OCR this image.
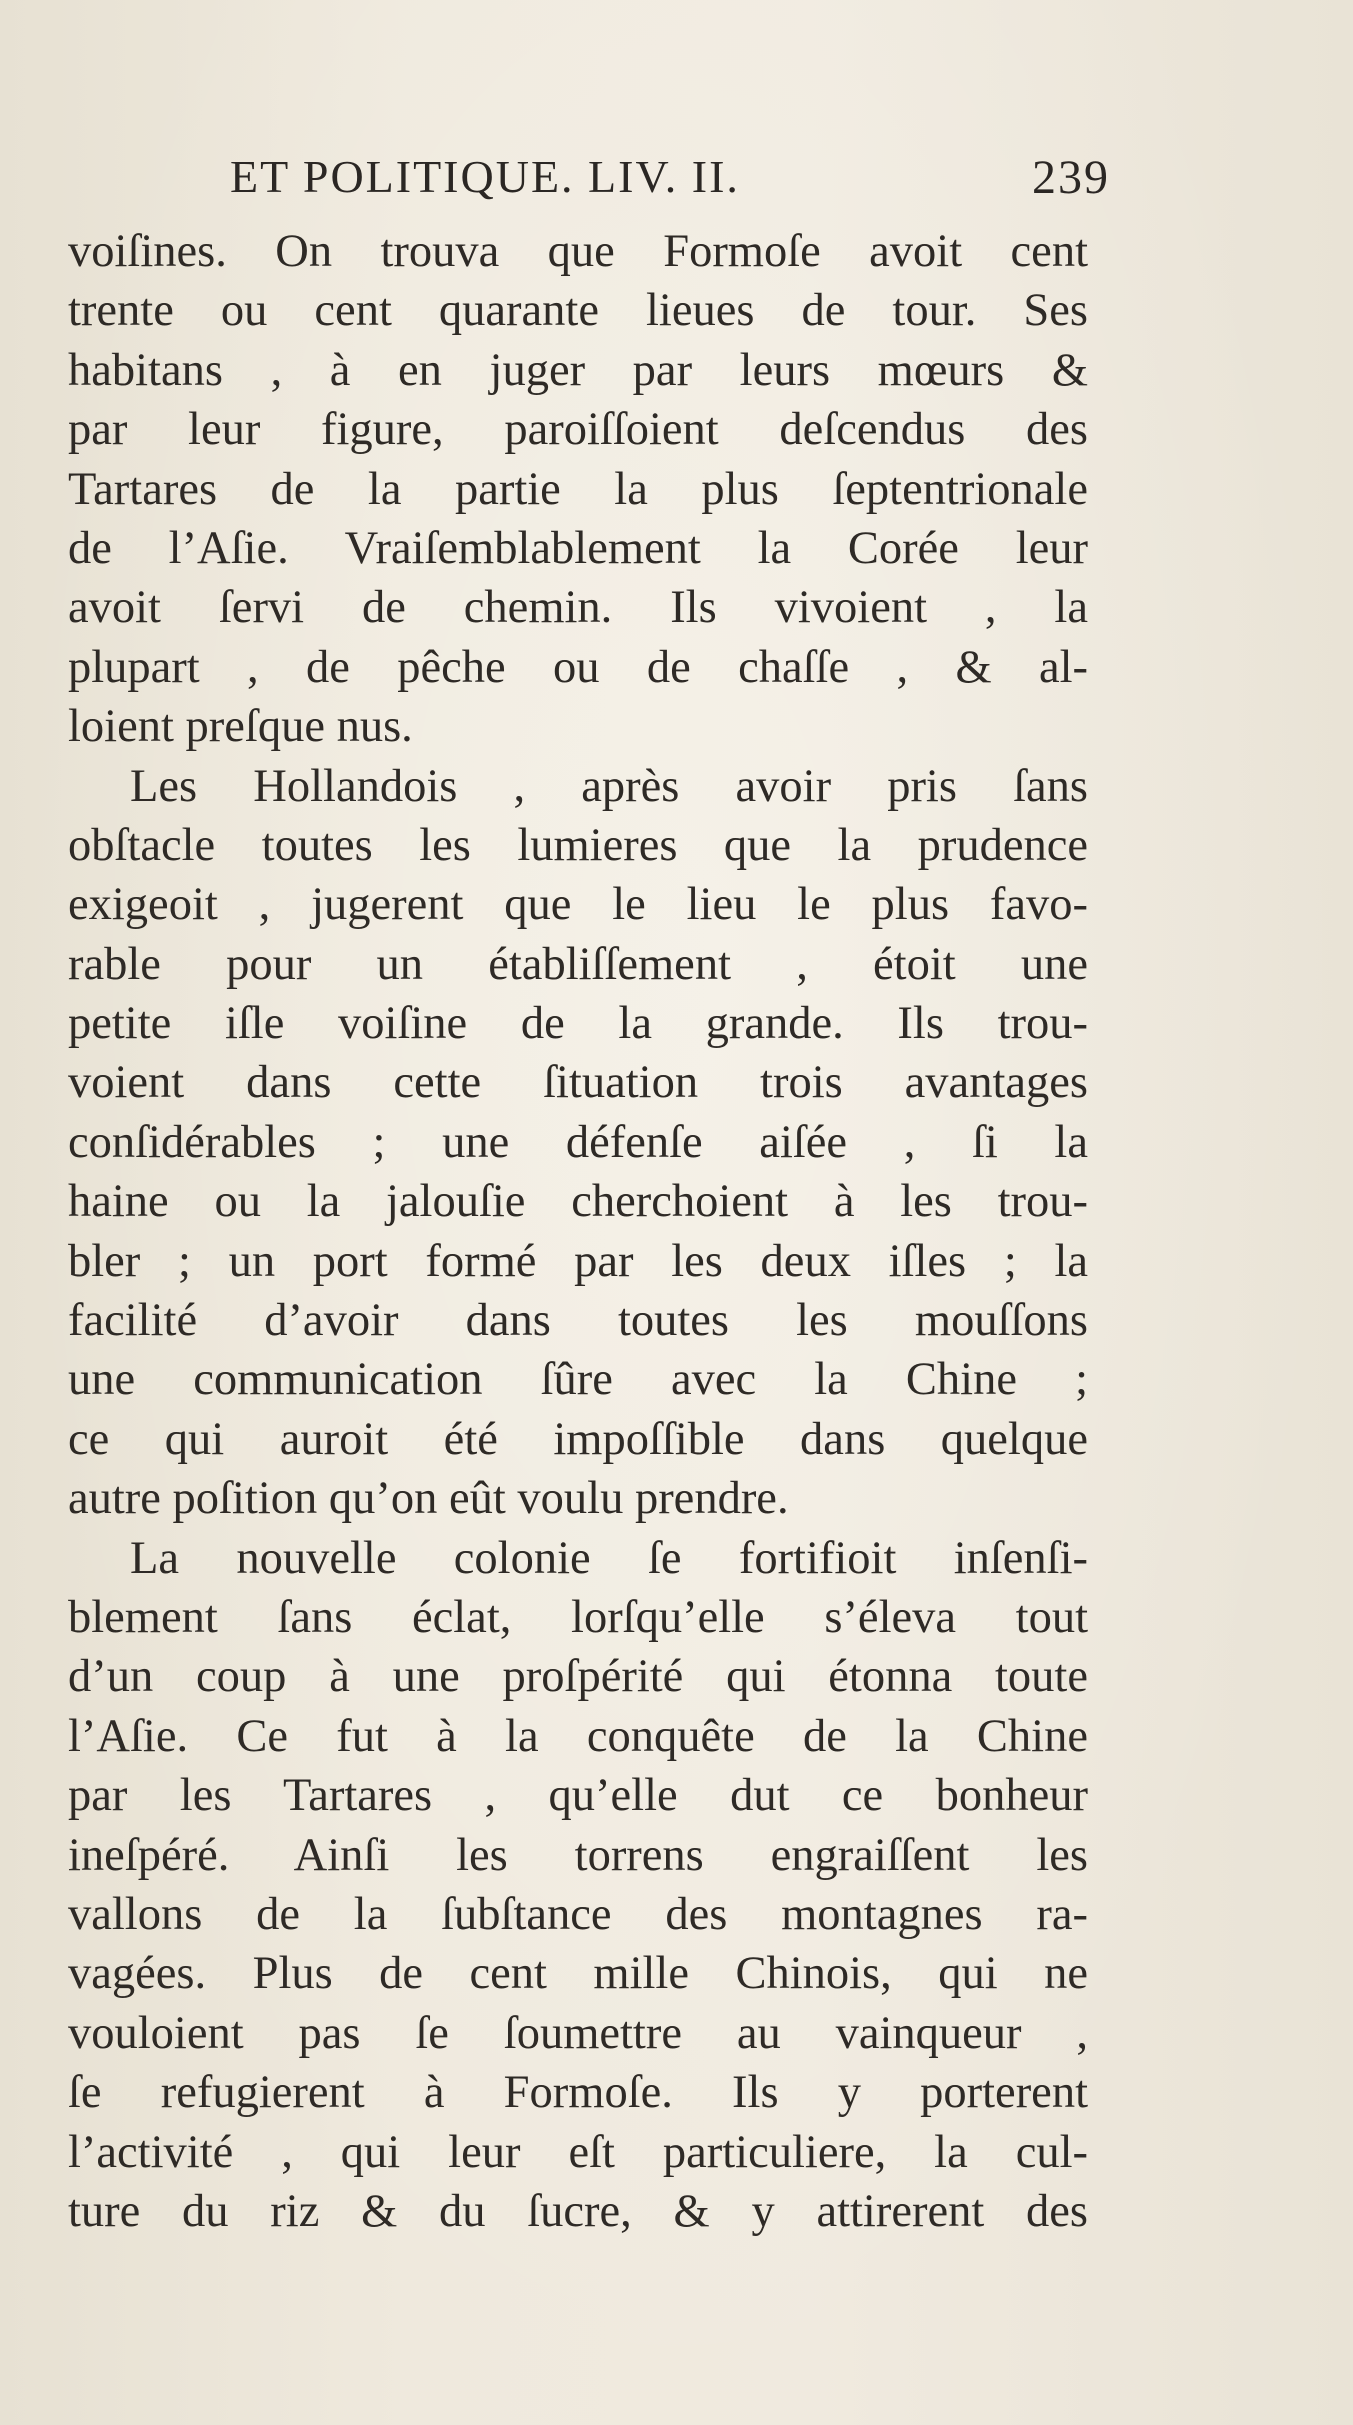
ET POLITIQUE. LIV. II.	239
voiſines. On trouva que Formoſe avoit cent
trente ou cent quarante lieues de tour. Ses
habitans , à en juger par leurs mœurs &
par leur figure, paroiſſoient deſcendus des
Tartares de la partie la plus ſeptentrionale
de l’Aſie. Vraiſemblablement la Corée leur
avoit ſervi de chemin. Ils vivoient , la
plupart , de pêche ou de chaſſe , & al-
loient preſque nus.
Les Hollandois , après avoir pris ſans
obſtacle toutes les lumieres que la prudence
exigeoit , jugerent que le lieu le plus favo-
rable pour un établiſſement , étoit une
petite iſle voiſine de la grande. Ils trou-
voient dans cette ſituation trois avantages
conſidérables ; une défenſe aiſée , ſi la
haine ou la jalouſie cherchoient à les trou-
bler ; un port formé par les deux iſles ; la
facilité d’avoir dans toutes les mouſſons
une communication ſûre avec la Chine ;
ce qui auroit été impoſſible dans quelque
autre poſition qu’on eût voulu prendre.
La nouvelle colonie ſe fortifioit inſenſi-
blement ſans éclat, lorſqu’elle s’éleva tout
d’un coup à une proſpérité qui étonna toute
l’Aſie. Ce fut à la conquête de la Chine
par les Tartares , qu’elle dut ce bonheur
ineſpéré. Ainſi les torrens engraiſſent les
vallons de la ſubſtance des montagnes ra-
vagées. Plus de cent mille Chinois, qui ne
vouloient pas ſe ſoumettre au vainqueur ,
ſe refugierent à Formoſe. Ils y porterent
l’activité , qui leur eſt particuliere, la cul-
ture du riz & du ſucre, & y attirerent des
